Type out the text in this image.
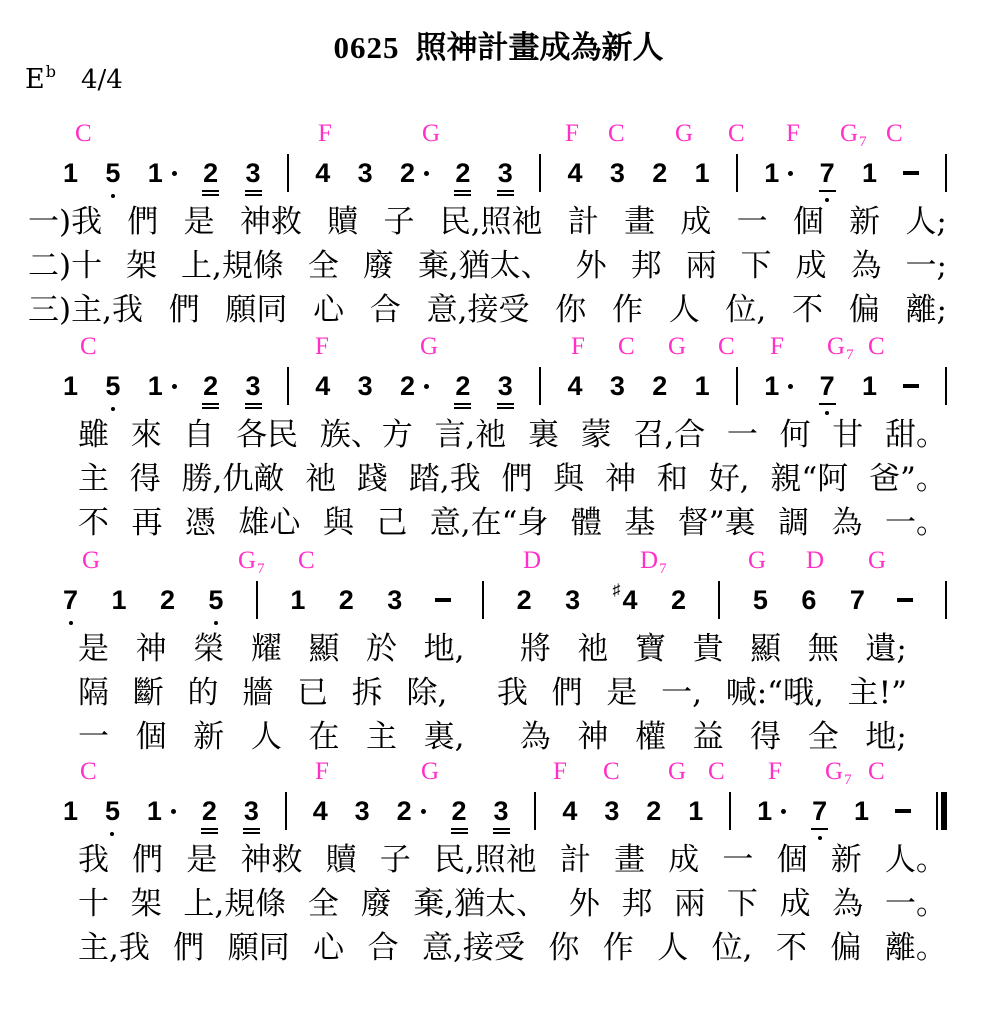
0625 照神計畫成為新人
$E^b$ 4/4
C	F	G	F C G C F $G_7$ C
1 5 1 2 3 4 3 2 2 3 4 3 2 1 1 7 1
一)我 們 是 神救 贖 子 民,照祂 計 畫 成 一 個 新 人;
二)十 架 上,規條 全 廢 棄,猶太、 外 邦 兩 下 成 為 一;
三)主,我 們 願同 心 合 意,接受 你 作 人 位, 不 偏 離;
C	F	G	F C G C F $G_7$ C
1 5 1 2 3 4 3 2 2 3 4 3 2 1 1 7 1
雖 來 自 各民 族、方 言,祂 裏 蒙 召,合 一 何 甘 甜。
主 得 勝,仇敵 祂 踐 踏,我 們 與 神 和 好, 親“阿 爸”。
不 再 憑 雄心 與 己 意,在“身 體 基 督”裏 調 為 一。
G	$G_7$ C	D	$D_7$	G D G
7 1 2 5 1 2 3	2 3 ♯ 4 2 5 6 7
是 神 榮 耀 顯 於 地, 將 祂 寶 貴 顯 無 遺;
隔 斷 的 牆 已 拆 除, 我 們 是 一, 喊:“哦, 主!”
一 個 新 人 在 主 裏, 為 神 權 益 得 全 地;
C	F	G	F C G C F $G_7$ C
1 5 1 2 3 4 3 2 2 3 4 3 2 1 1 7 1
我 們 是 神救 贖 子 民,照祂 計 畫 成 一 個 新 人。
十 架 上,規條 全 廢 棄,猶太、 外 邦 兩 下 成 為 一。
主,我 們 願同 心 合 意,接受 你 作 人 位, 不 偏 離。
